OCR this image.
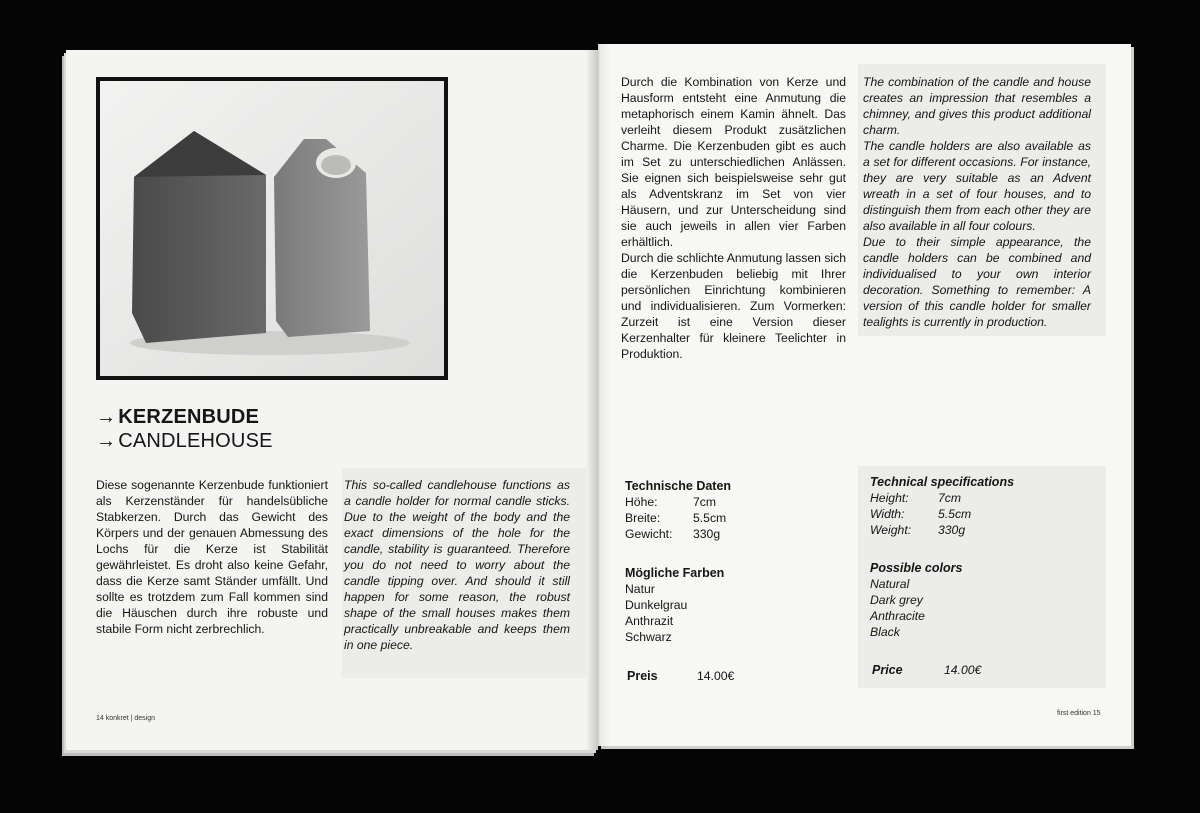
→ KERZENBUDE
→ CANDLEHOUSE
Diese sogenannte Kerzenbude funktioniert als Kerzenständer für handelsübliche Stabkerzen. Durch das Gewicht des Körpers und der genauen Abmessung des Lochs für die Kerze ist Stabilität gewährleistet. Es droht also keine Gefahr, dass die Kerze samt Ständer umfällt. Und sollte es trotzdem zum Fall kommen sind die Häuschen durch ihre robuste und stabile Form nicht zerbrechlich.
This so-called candlehouse functions as a candle holder for normal candle sticks. Due to the weight of the body and the exact dimensions of the hole for the candle, stability is guaranteed. Therefore you do not need to worry about the candle tipping over. And should it still happen for some reason, the robust shape of the small houses makes them practically unbreakable and keeps them in one piece.
14 konkret | design

Durch die Kombination von Kerze und Hausform entsteht eine Anmutung die metaphorisch einem Kamin ähnelt. Das verleiht diesem Produkt zusätzlichen Charme. Die Kerzenbuden gibt es auch im Set zu unterschiedlichen Anlässen. Sie eignen sich beispielsweise sehr gut als Adventskranz im Set von vier Häusern, und zur Unterscheidung sind sie auch jeweils in allen vier Farben erhältlich.

Durch die schlichte Anmutung lassen sich die Kerzenbuden beliebig mit Ihrer persönlichen Einrichtung kombinieren und individualisieren. Zum Vormerken: Zurzeit ist eine Version dieser Kerzenhalter für kleinere Teelichter in Produktion.

The combination of the candle and house creates an impression that resembles a chimney, and gives this product additional charm.

The candle holders are also available as a set for different occasions. For instance, they are very suitable as an Advent wreath in a set of four houses, and to distinguish them from each other they are also available in all four colours.

Due to their simple appearance, the candle holders can be combined and individualised to your own interior decoration. Something to remember: A version of this candle holder for smaller tealights is currently in production.

Technische Daten
Höhe:	7cm
Breite:	5.5cm
Gewicht:	330g
Mögliche Farben
Natur
Dunkelgrau
Anthrazit
Schwarz
Preis	14.00€
Technical specifications
Height:	7cm
Width:	5.5cm
Weight:	330g
Possible colors
Natural
Dark grey
Anthracite
Black
Price	14.00€
first edition 15
